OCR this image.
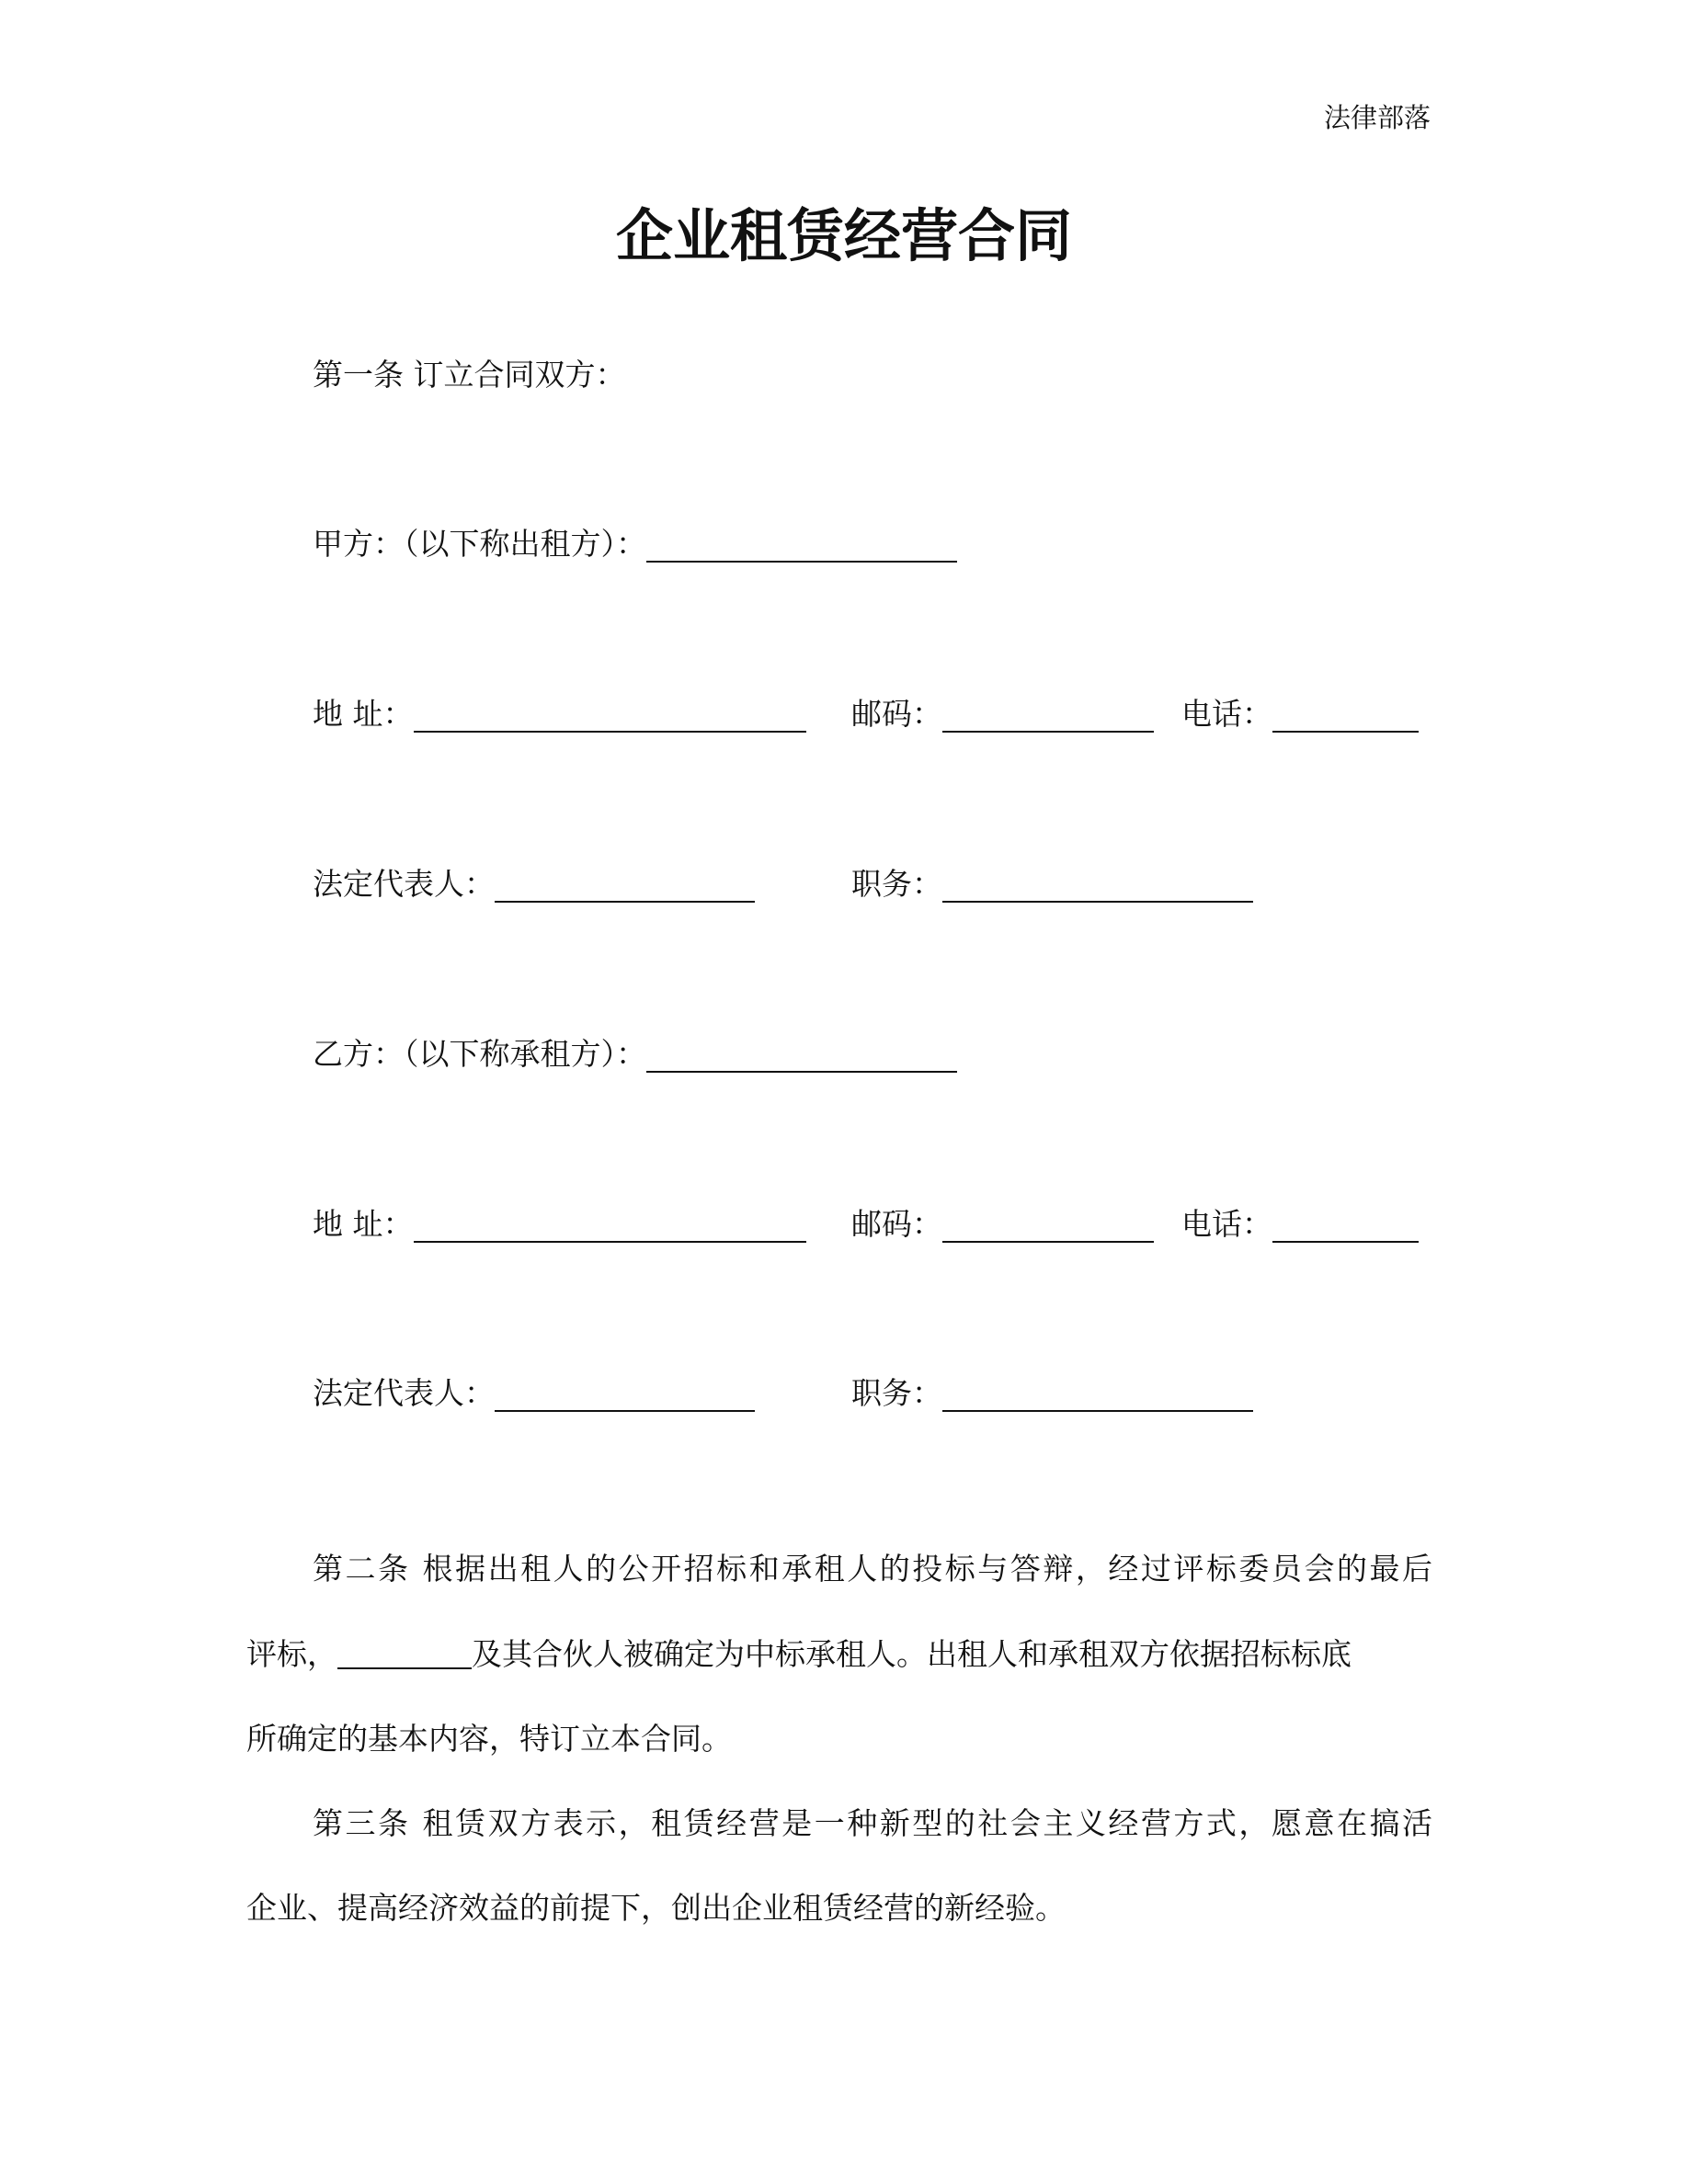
法律部落
企业租赁经营合同
第一条 订立合同双方：
甲方：（以下称出租方）：
地 址：	邮码：	电话：
法定代表人：	职务：
乙方：（以下称承租方）：
地 址：	邮码：	电话：
法定代表人：	职务：
第二条 根据出租人的公开招标和承租人的投标与答辩，经过评标委员会的最后
评标，	及其合伙人被确定为中标承租人。出租人和承租双方依据招标标底
所确定的基本内容，特订立本合同。
第三条 租赁双方表示，租赁经营是一种新型的社会主义经营方式，愿意在搞活
企业、提高经济效益的前提下，创出企业租赁经营的新经验。
